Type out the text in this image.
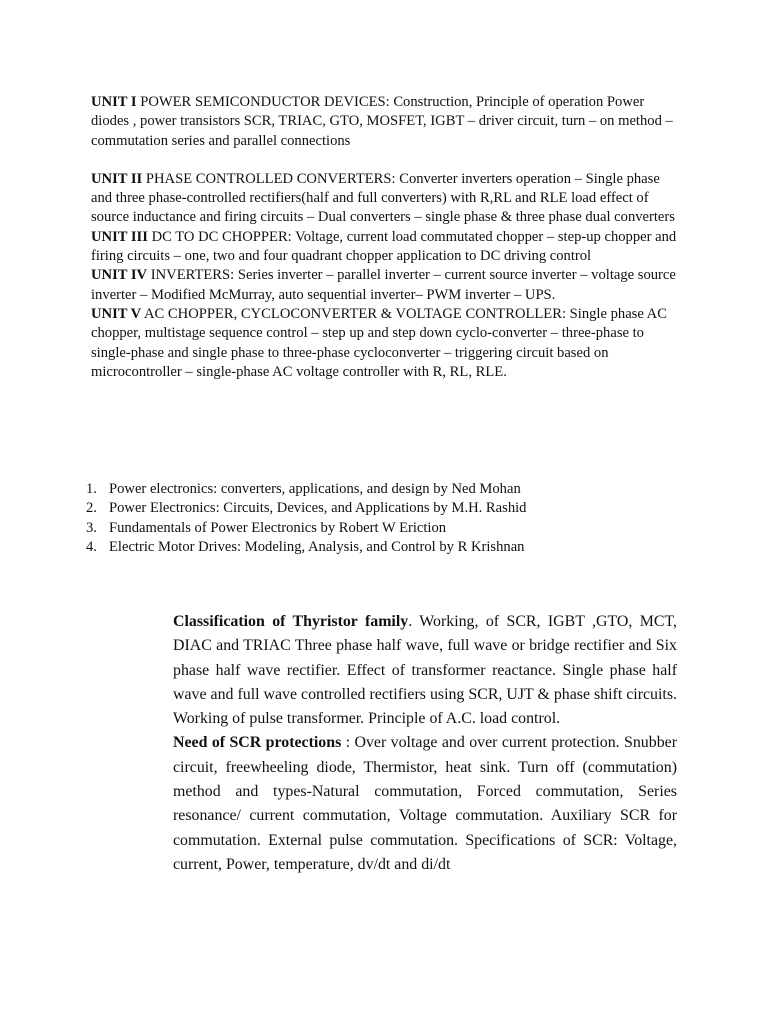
UNIT I POWER SEMICONDUCTOR DEVICES: Construction, Principle of operation Power diodes , power transistors SCR, TRIAC, GTO, MOSFET, IGBT – driver circuit, turn – on method – commutation series and parallel connections

UNIT II PHASE CONTROLLED CONVERTERS: Converter inverters operation – Single phase and three phase-controlled rectifiers(half and full converters) with R,RL and RLE load effect of source inductance and firing circuits – Dual converters – single phase & three phase dual converters

UNIT III DC TO DC CHOPPER: Voltage, current load commutated chopper – step-up chopper and firing circuits – one, two and four quadrant chopper application to DC driving control

UNIT IV INVERTERS: Series inverter – parallel inverter – current source inverter – voltage source inverter – Modified McMurray, auto sequential inverter– PWM inverter – UPS.

UNIT V AC CHOPPER, CYCLOCONVERTER & VOLTAGE CONTROLLER: Single phase AC chopper, multistage sequence control – step up and step down cyclo-converter – three-phase to single-phase and single phase to three-phase cycloconverter – triggering circuit based on microcontroller – single-phase AC voltage controller with R, RL, RLE.

1. Power electronics: converters, applications, and design by Ned Mohan
2. Power Electronics: Circuits, Devices, and Applications by M.H. Rashid
3. Fundamentals of Power Electronics by Robert W Eriction
4. Electric Motor Drives: Modeling, Analysis, and Control by R Krishnan

Classification of Thyristor family. Working, of SCR, IGBT ,GTO, MCT, DIAC and TRIAC Three phase half wave, full wave or bridge rectifier and Six phase half wave rectifier. Effect of transformer reactance. Single phase half wave and full wave controlled rectifiers using SCR, UJT & phase shift circuits. Working of pulse transformer. Principle of A.C. load control.

Need of SCR protections : Over voltage and over current protection. Snubber circuit, freewheeling diode, Thermistor, heat sink. Turn off (commutation) method and types-Natural commutation, Forced commutation, Series resonance/ current commutation, Voltage commutation. Auxiliary SCR for commutation. External pulse commutation. Specifications of SCR: Voltage, current, Power, temperature, dv/dt and di/dt
